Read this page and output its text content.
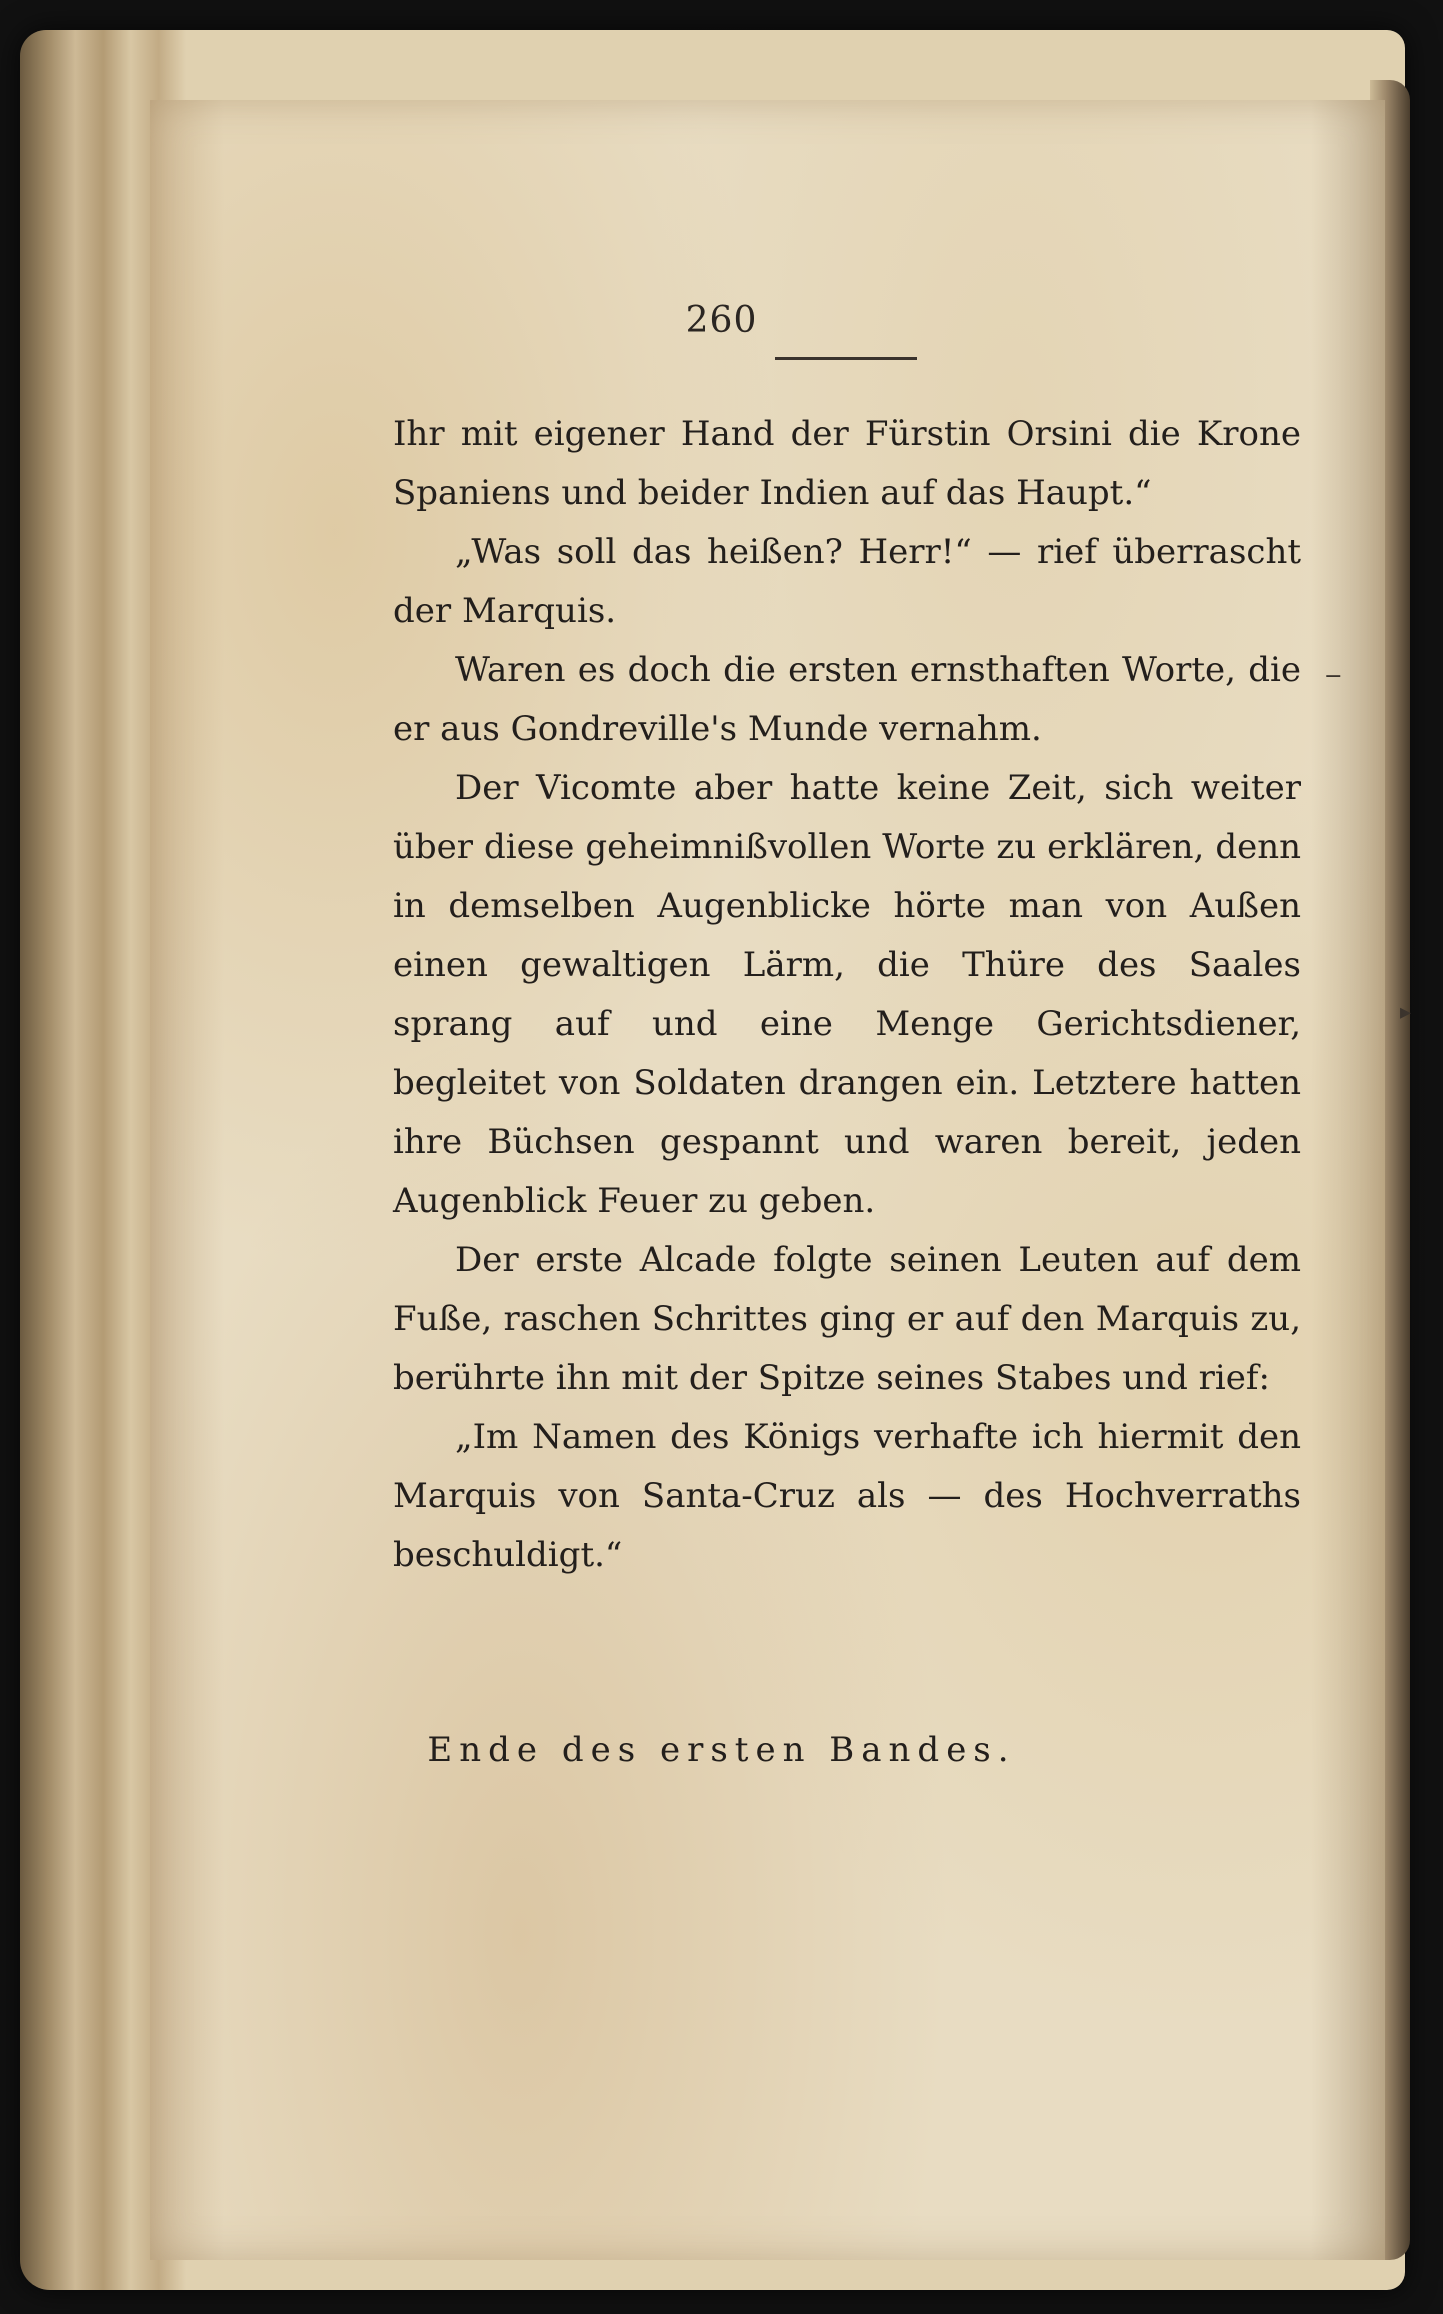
260

Ihr mit eigener Hand der Fürstin Orsini die Krone Spaniens und beider Indien auf das Haupt.“

„Was soll das heißen? Herr!“ — rief überrascht der Marquis.

Waren es doch die ersten ernsthaften Worte, die er aus Gondreville's Munde vernahm.

Der Vicomte aber hatte keine Zeit, sich weiter über diese geheimnißvollen Worte zu erklären, denn in demselben Augenblicke hörte man von Außen einen gewaltigen Lärm, die Thüre des Saales sprang auf und eine Menge Gerichtsdiener, begleitet von Soldaten drangen ein. Letztere hatten ihre Büchsen gespannt und waren bereit, jeden Augenblick Feuer zu geben.

Der erste Alcade folgte seinen Leuten auf dem Fuße, raschen Schrittes ging er auf den Marquis zu, berührte ihn mit der Spitze seines Stabes und rief:

„Im Namen des Königs verhafte ich hiermit den Marquis von Santa-Cruz als — des Hochverraths beschuldigt.“

Ende des ersten Bandes.
‒
▸
